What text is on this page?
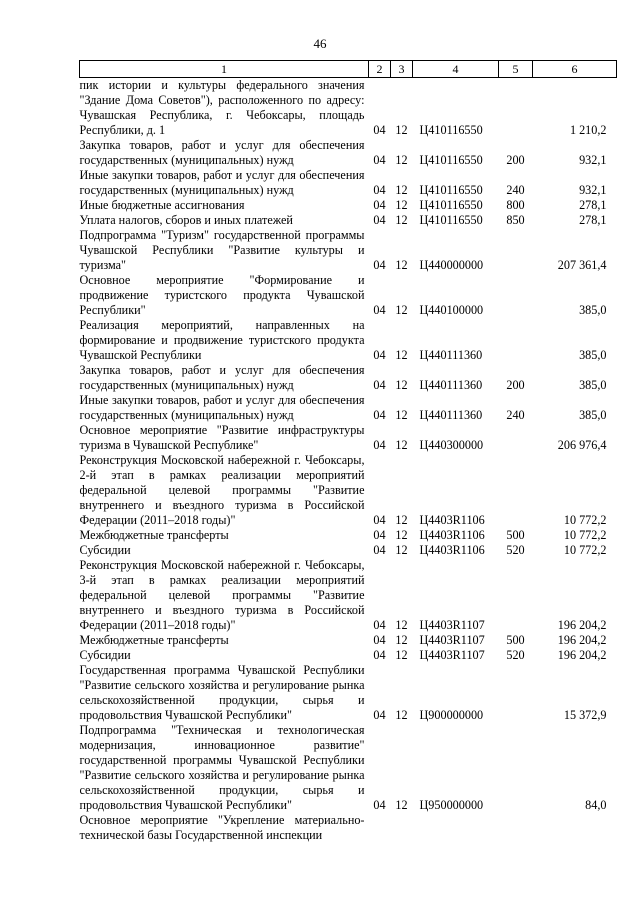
46
1	2	3	4	5	6
пик истории и культуры федерального значения "Здание Дома Советов"), расположенного по адресу: Чувашская Республика, г. Чебоксары, площадь Республики, д. 1	04	12	Ц410116550		1 210,2
Закупка товаров, работ и услуг для обеспечения государственных (муниципальных) нужд	04	12	Ц410116550	200	932,1
Иные закупки товаров, работ и услуг для обеспечения государственных (муниципальных) нужд	04	12	Ц410116550	240	932,1
Иные бюджетные ассигнования	04	12	Ц410116550	800	278,1
Уплата налогов, сборов и иных платежей	04	12	Ц410116550	850	278,1
Подпрограмма "Туризм" государственной программы Чувашской Республики "Развитие культуры и туризма"	04	12	Ц440000000		207 361,4
Основное мероприятие "Формирование и продвижение туристского продукта Чувашской Республики"	04	12	Ц440100000		385,0
Реализация мероприятий, направленных на формирование и продвижение туристского продукта Чувашской Республики	04	12	Ц440111360		385,0
Закупка товаров, работ и услуг для обеспечения государственных (муниципальных) нужд	04	12	Ц440111360	200	385,0
Иные закупки товаров, работ и услуг для обеспечения государственных (муниципальных) нужд	04	12	Ц440111360	240	385,0
Основное мероприятие "Развитие инфраструктуры туризма в Чувашской Республике"	04	12	Ц440300000		206 976,4
Реконструкция Московской набережной г. Чебоксары, 2-й этап в рамках реализации мероприятий федеральной целевой программы "Развитие внутреннего и въездного туризма в Российской Федерации (2011–2018 годы)"	04	12	Ц4403R1106		10 772,2
Межбюджетные трансферты	04	12	Ц4403R1106	500	10 772,2
Субсидии	04	12	Ц4403R1106	520	10 772,2
Реконструкция Московской набережной г. Чебоксары, 3-й этап в рамках реализации мероприятий федеральной целевой программы "Развитие внутреннего и въездного туризма в Российской Федерации (2011–2018 годы)"	04	12	Ц4403R1107		196 204,2
Межбюджетные трансферты	04	12	Ц4403R1107	500	196 204,2
Субсидии	04	12	Ц4403R1107	520	196 204,2
Государственная программа Чувашской Республики "Развитие сельского хозяйства и регулирование рынка сельскохозяйственной продукции, сырья и продовольствия Чувашской Республики"	04	12	Ц900000000		15 372,9
Подпрограмма "Техническая и технологическая модернизация, инновационное развитие" государственной программы Чувашской Республики "Развитие сельского хозяйства и регулирование рынка сельскохозяйственной продукции, сырья и продовольствия Чувашской Республики"	04	12	Ц950000000		84,0
Основное мероприятие "Укрепление материально-технической базы Государственной инспекции					
